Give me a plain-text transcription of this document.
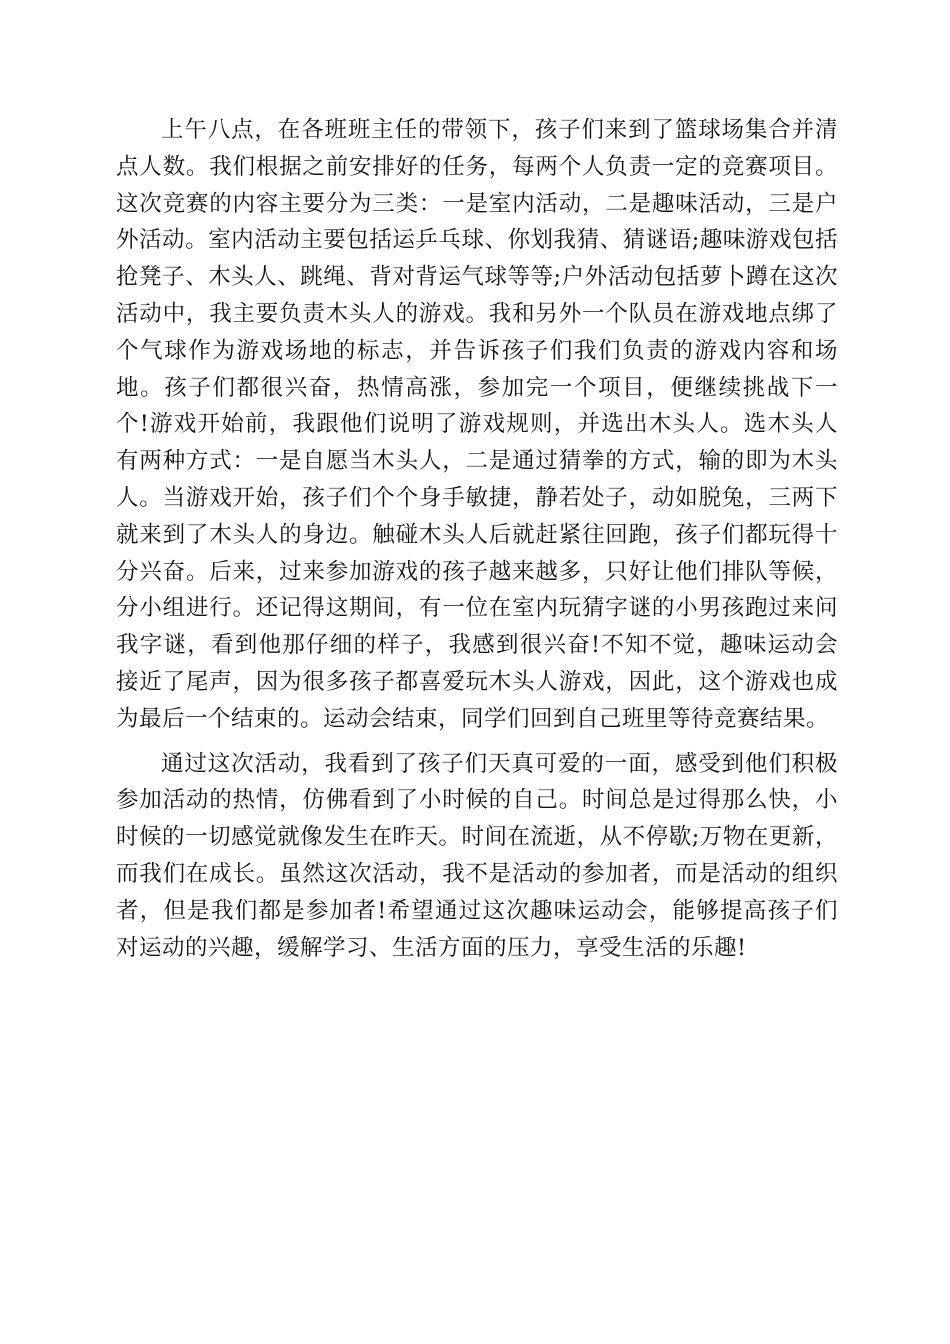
上午八点，在各班班主任的带领下，孩子们来到了篮球场集合并清点人数。我们根据之前安排好的任务，每两个人负责一定的竞赛项目。这次竞赛的内容主要分为三类：一是室内活动，二是趣味活动，三是户外活动。室内活动主要包括运乒乓球、你划我猜、猜谜语;趣味游戏包括抢凳子、木头人、跳绳、背对背运气球等等;户外活动包括萝卜蹲在这次活动中，我主要负责木头人的游戏。我和另外一个队员在游戏地点绑了个气球作为游戏场地的标志，并告诉孩子们我们负责的游戏内容和场地。孩子们都很兴奋，热情高涨，参加完一个项目，便继续挑战下一个!游戏开始前，我跟他们说明了游戏规则，并选出木头人。选木头人有两种方式：一是自愿当木头人，二是通过猜拳的方式，输的即为木头人。当游戏开始，孩子们个个身手敏捷，静若处子，动如脱兔，三两下就来到了木头人的身边。触碰木头人后就赶紧往回跑，孩子们都玩得十分兴奋。后来，过来参加游戏的孩子越来越多，只好让他们排队等候，分小组进行。还记得这期间，有一位在室内玩猜字谜的小男孩跑过来问我字谜，看到他那仔细的样子，我感到很兴奋!不知不觉，趣味运动会接近了尾声，因为很多孩子都喜爱玩木头人游戏，因此，这个游戏也成为最后一个结束的。运动会结束，同学们回到自己班里等待竞赛结果。

通过这次活动，我看到了孩子们天真可爱的一面，感受到他们积极参加活动的热情，仿佛看到了小时候的自己。时间总是过得那么快，小时候的一切感觉就像发生在昨天。时间在流逝，从不停歇;万物在更新，而我们在成长。虽然这次活动，我不是活动的参加者，而是活动的组织者，但是我们都是参加者!希望通过这次趣味运动会，能够提高孩子们对运动的兴趣，缓解学习、生活方面的压力，享受生活的乐趣!
